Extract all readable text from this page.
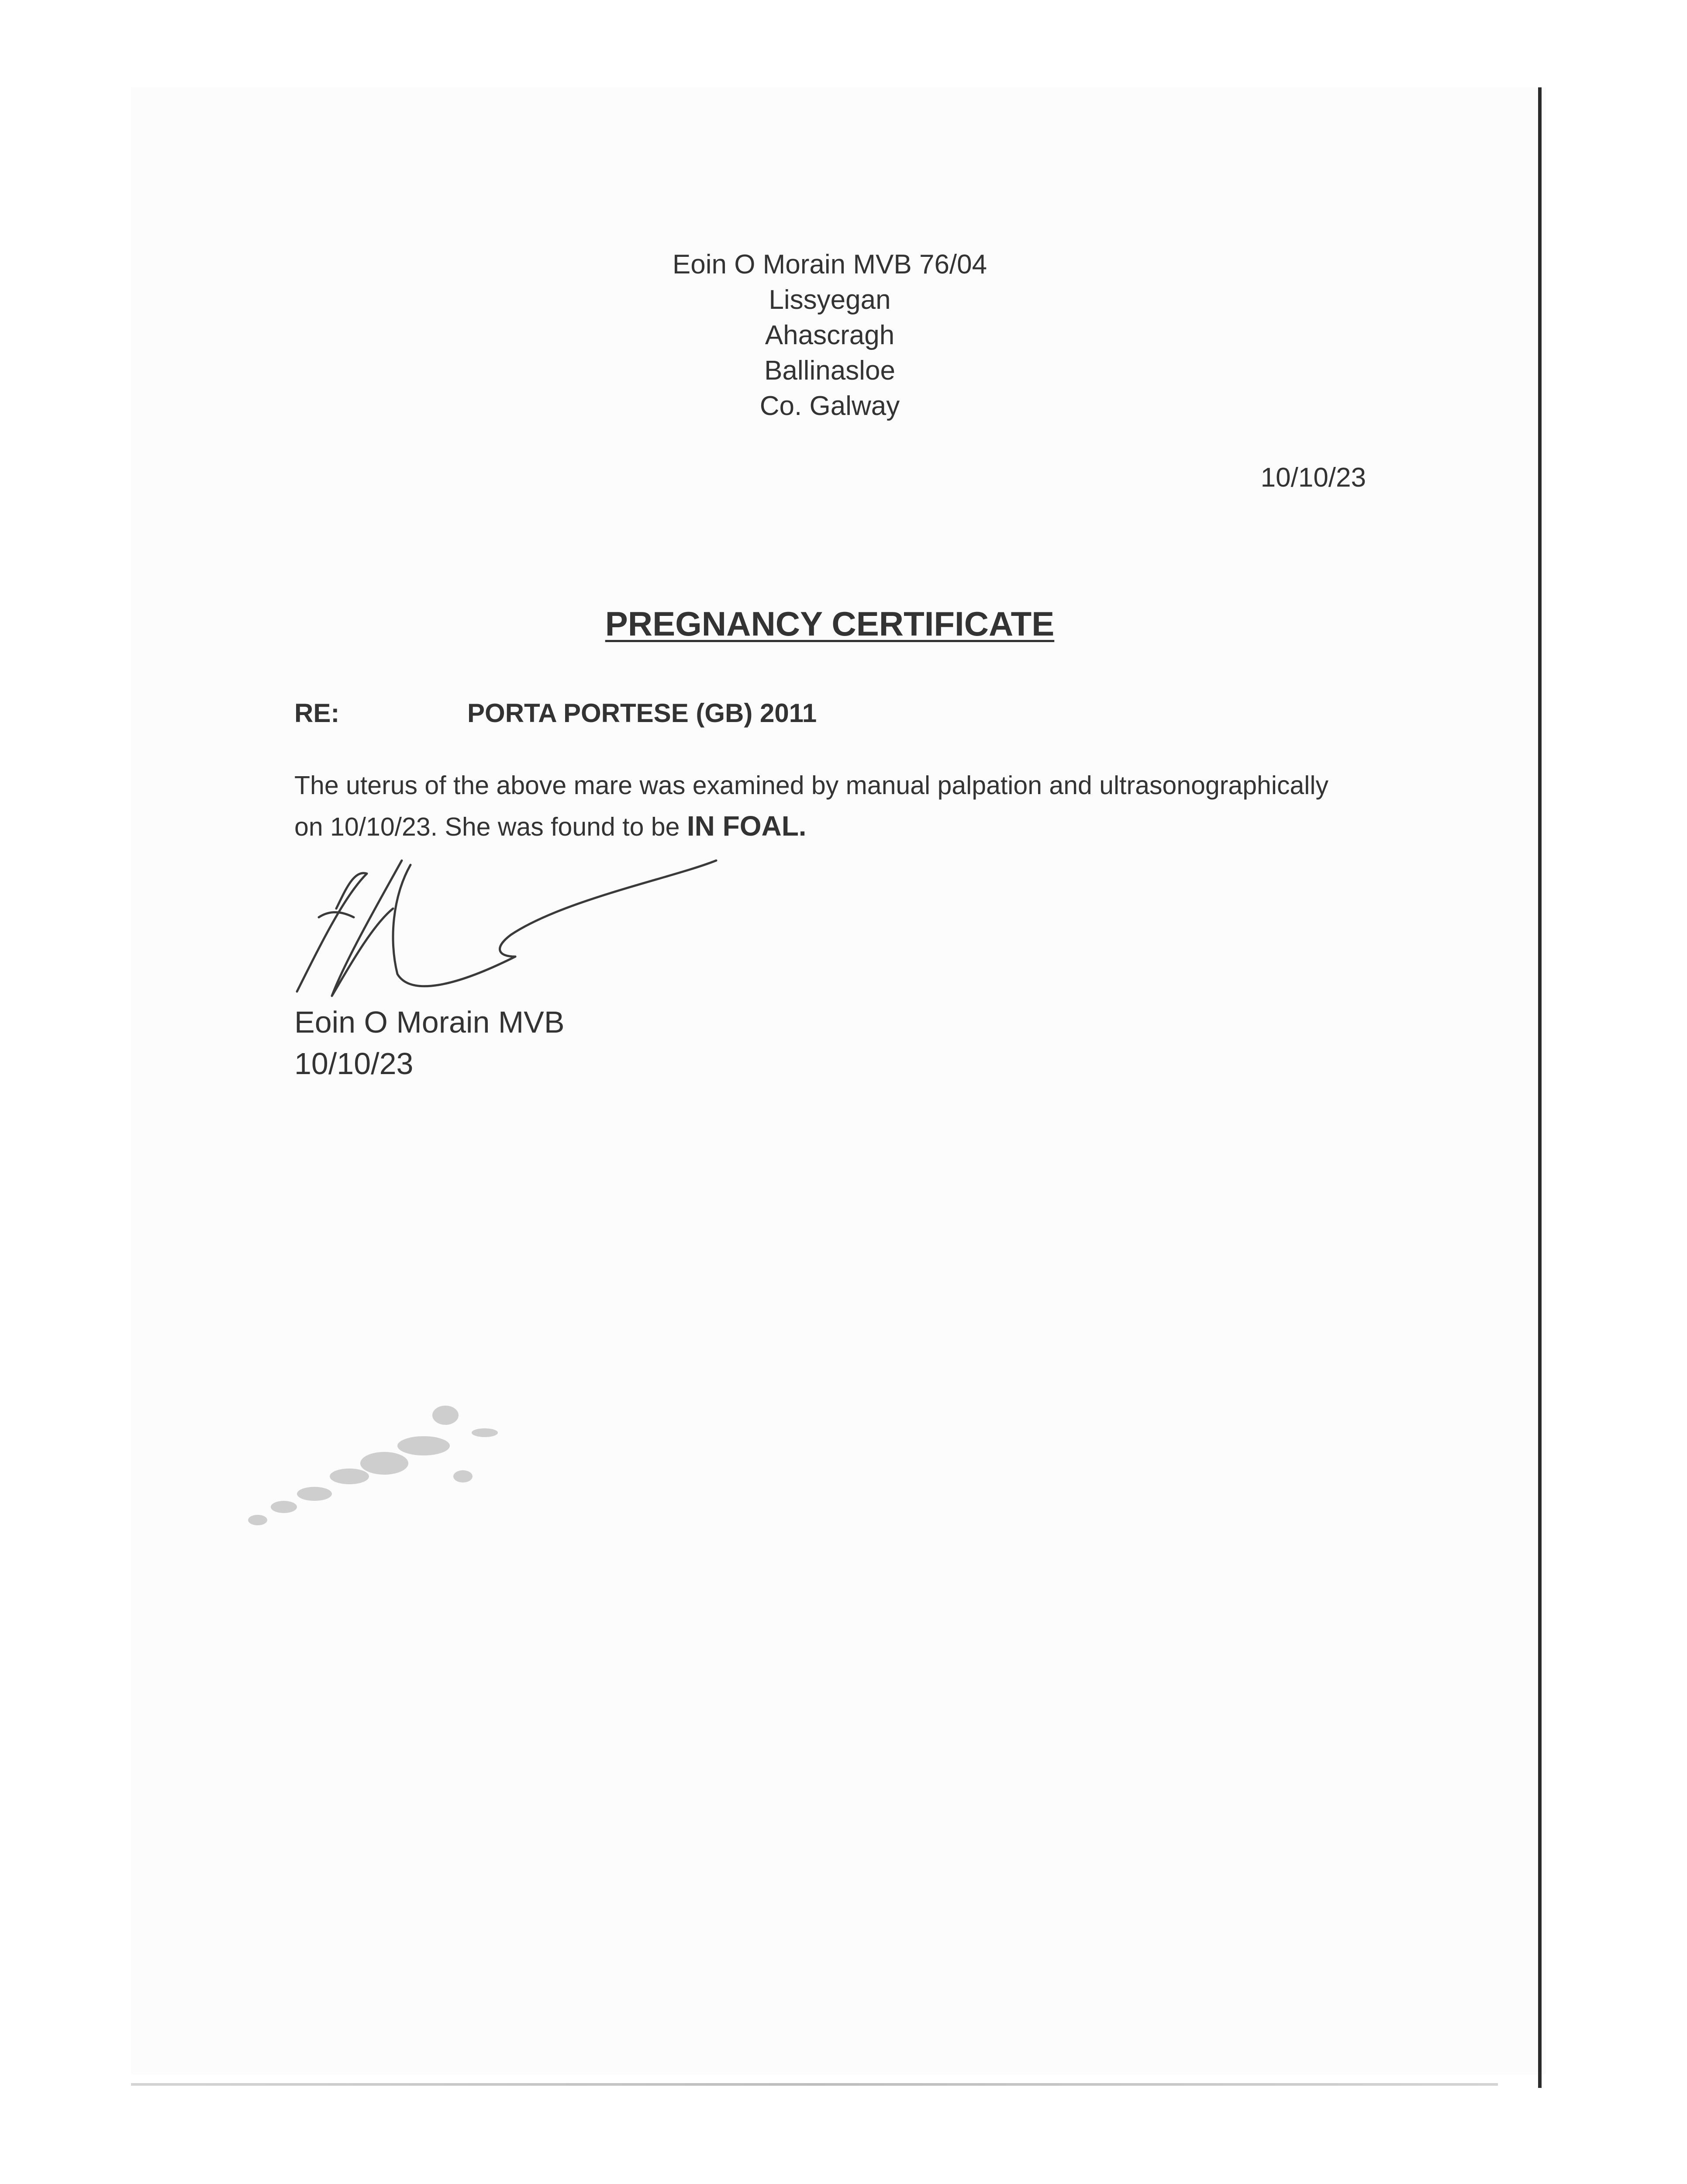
Eoin O Morain MVB 76/04
Lissyegan
Ahascragh
Ballinasloe
Co. Galway
10/10/23
PREGNANCY CERTIFICATE
RE:	PORTA PORTESE (GB) 2011
The uterus of the above mare was examined by manual palpation and ultrasonographically
on 10/10/23. She was found to be IN FOAL.
Eoin O Morain MVB
10/10/23
